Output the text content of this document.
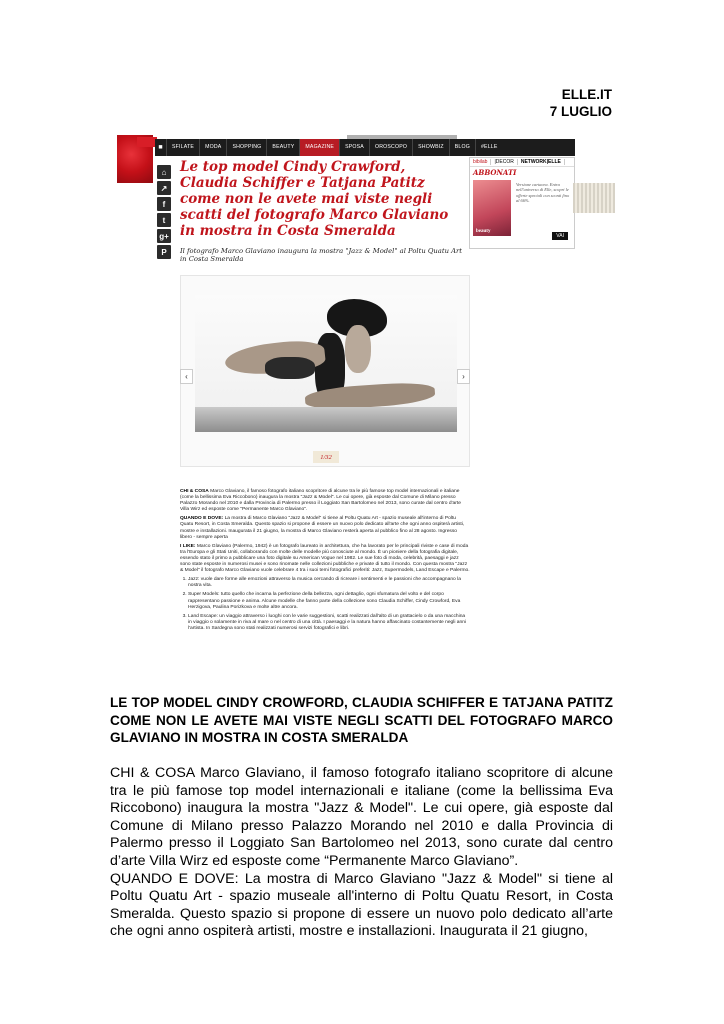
ELLE.IT
7 LUGLIO
■	SFILATE	MODA	SHOPPING	BEAUTY	MAGAZINE	SPOSA	OROSCOPO	SHOWBIZ	BLOG	#ELLE
⌂
↗
f
t
g+
P
Le top model Cindy Crawford, Claudia Schiffer e Tatjana Patitz come non le avete mai viste negli scatti del fotografo Marco Glaviano in mostra in Costa Smeralda
Il fotografo Marco Glaviano inaugura la mostra "Jazz & Model" al Poltu Quatu Art in Costa Smeralda
bibilab	|DECOR	NETWORK|ELLE
ABBONATI
beauty
Versione cartacea. Entra nell'universo di Elle, scopri le offerte speciali con sconti fino al 66%.
VAI
‹	›
1/32

CHI & COSA Marco Glaviano, il famoso fotografo italiano scopritore di alcune tra le più famose top model internazionali e italiane (come la bellissima Eva Riccobono) inaugura la mostra "Jazz & Model". Le cui opere, già esposte dal Comune di Milano presso Palazzo Morando nel 2010 e dalla Provincia di Palermo presso il Loggiato San Bartolomeo nel 2013, sono curate dal centro d'arte Villa Wirz ed esposte come "Permanente Marco Glaviano".

QUANDO E DOVE: La mostra di Marco Glaviano "Jazz & Model" si tiene al Poltu Quatu Art - spazio museale all'interno di Poltu Quatu Resort, in Costa Smeralda. Questo spazio si propone di essere un nuovo polo dedicato all'arte che ogni anno ospiterà artisti, mostre e installazioni. Inaugurata il 21 giugno, la mostra di Marco Glaviano resterà aperta al pubblico fino al 28 agosto. Ingresso libero - sempre aperta

I LIKE: Marco Glaviano (Palermo, 1942) è un fotografo laureato in architettura, che ha lavorato per le principali riviste e case di moda tra l'Europa e gli Stati Uniti, collaborando con molte delle modelle più conosciute al mondo. È un pioniere della fotografia digitale, essendo stato il primo a pubblicare una foto digitale su American Vogue nel 1982. Le sue foto di moda, celebrità, paesaggi e jazz sono state esposte in numerosi musei e sono rinomate nelle collezioni pubbliche e private di tutto il mondo. Con questa mostra "Jazz & Model" il fotografo Marco Glaviano vuole celebrare 4 tra i suoi temi fotografici preferiti: Jazz, Supermodels, Land Escape e Palermo.

1. Jazz: vuole dare forme alle emozioni attraverso la musica cercando di ricreare i sentimenti e le passioni che accompagnano la nostra vita.
2. Super Models: tutto quello che incarna la perfezione della bellezza, ogni dettaglio, ogni sfumatura del volto e del corpo rappresentano passione e anima. Alcune modelle che fanno parte della collezione sono Claudia Schiffer, Cindy Crowford, Eva Herzigova, Paulina Porizkova e molte altre ancora.
3. Land Escape: un viaggio attraverso i luoghi con le varie suggestioni, scatti realizzati dall'alto di un grattacielo o da una macchina in viaggio o solamente in riva al mare o nel centro di una città. I paesaggi e la natura hanno affascinato costantemente negli anni l'artista. In Sardegna sono stati realizzati numerosi servizi fotografici e libri.
LE TOP MODEL CINDY CROWFORD, CLAUDIA SCHIFFER E TATJANA PATITZ COME NON LE AVETE MAI VISTE NEGLI SCATTI DEL FOTOGRAFO MARCO GLAVIANO IN MOSTRA IN COSTA SMERALDA
CHI & COSA Marco Glaviano, il famoso fotografo italiano scopritore di alcune tra le più famose top model internazionali e italiane (come la bellissima Eva Riccobono) inaugura la mostra "Jazz & Model". Le cui opere, già esposte dal Comune di Milano presso Palazzo Morando nel 2010 e dalla Provincia di Palermo presso il Loggiato San Bartolomeo nel 2013, sono curate dal centro d’arte Villa Wirz ed esposte come “Permanente Marco Glaviano”.
QUANDO E DOVE: La mostra di Marco Glaviano "Jazz & Model" si tiene al Poltu Quatu Art - spazio museale all'interno di Poltu Quatu Resort, in Costa Smeralda. Questo spazio si propone di essere un nuovo polo dedicato all’arte che ogni anno ospiterà artisti, mostre e installazioni. Inaugurata il 21 giugno,
